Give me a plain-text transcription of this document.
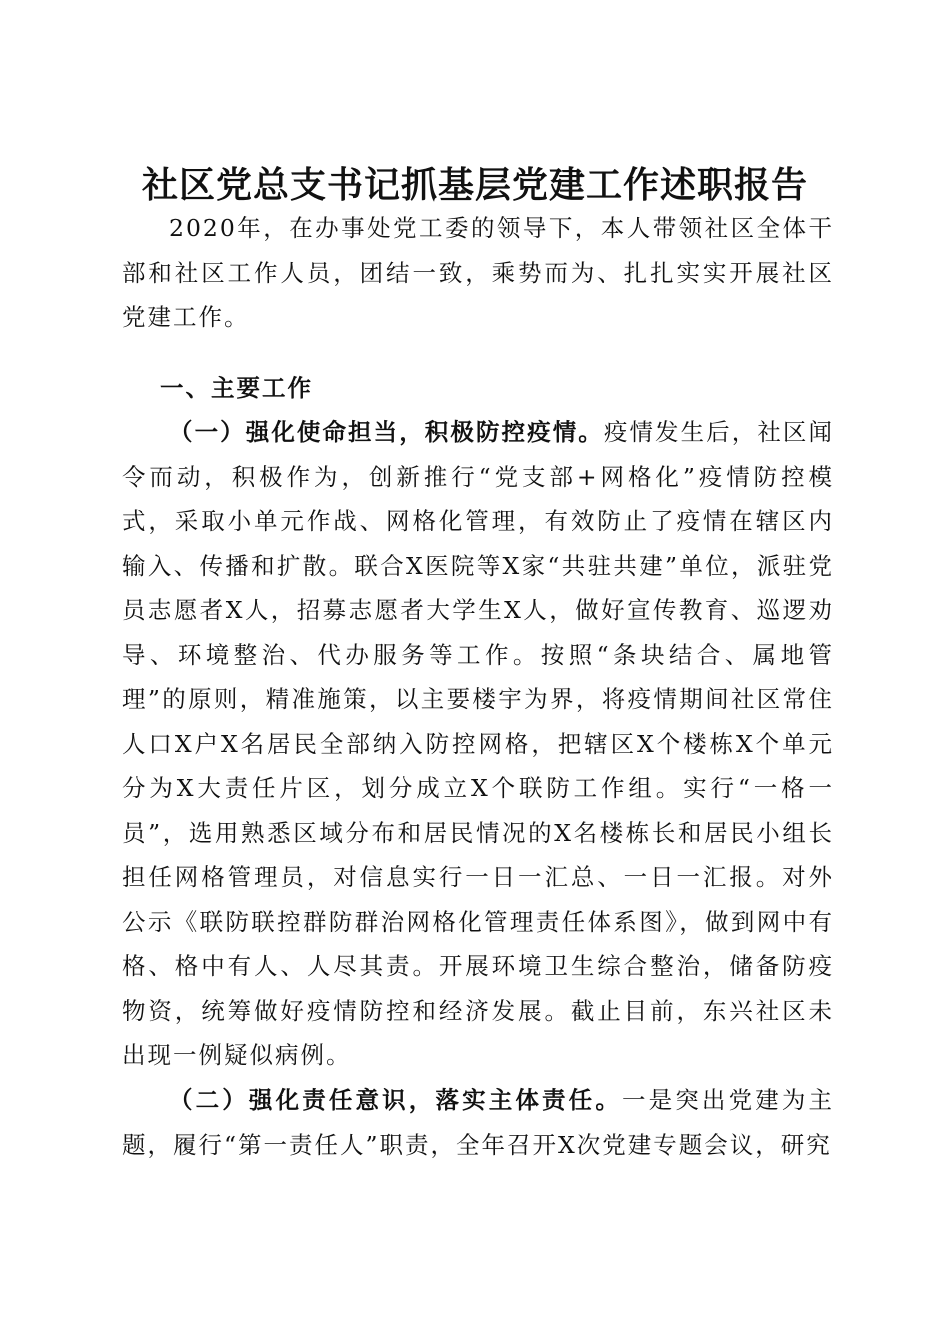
社区党总支书记抓基层党建工作述职报告

2020年，在办事处党工委的领导下，本人带领社区全体干部和社区工作人员，团结一致，乘势而为、扎扎实实开展社区党建工作。

一、主要工作

（一）强化使命担当，积极防控疫情。疫情发生后，社区闻令而动，积极作为，创新推行“党支部+网格化”疫情防控模式，采取小单元作战、网格化管理，有效防止了疫情在辖区内输入、传播和扩散。联合X医院等X家“共驻共建”单位，派驻党员志愿者X人，招募志愿者大学生X人，做好宣传教育、巡逻劝导、环境整治、代办服务等工作。按照“条块结合、属地管理”的原则，精准施策，以主要楼宇为界，将疫情期间社区常住人口X户X名居民全部纳入防控网格，把辖区X个楼栋X个单元分为X大责任片区，划分成立X个联防工作组。实行“一格一员”，选用熟悉区域分布和居民情况的X名楼栋长和居民小组长担任网格管理员，对信息实行一日一汇总、一日一汇报。对外公示《联防联控群防群治网格化管理责任体系图》，做到网中有格、格中有人、人尽其责。开展环境卫生综合整治，储备防疫物资，统筹做好疫情防控和经济发展。截止目前，东兴社区未出现一例疑似病例。

（二）强化责任意识，落实主体责任。一是突出党建为主题，履行“第一责任人”职责，全年召开X次党建专题会议，研究
